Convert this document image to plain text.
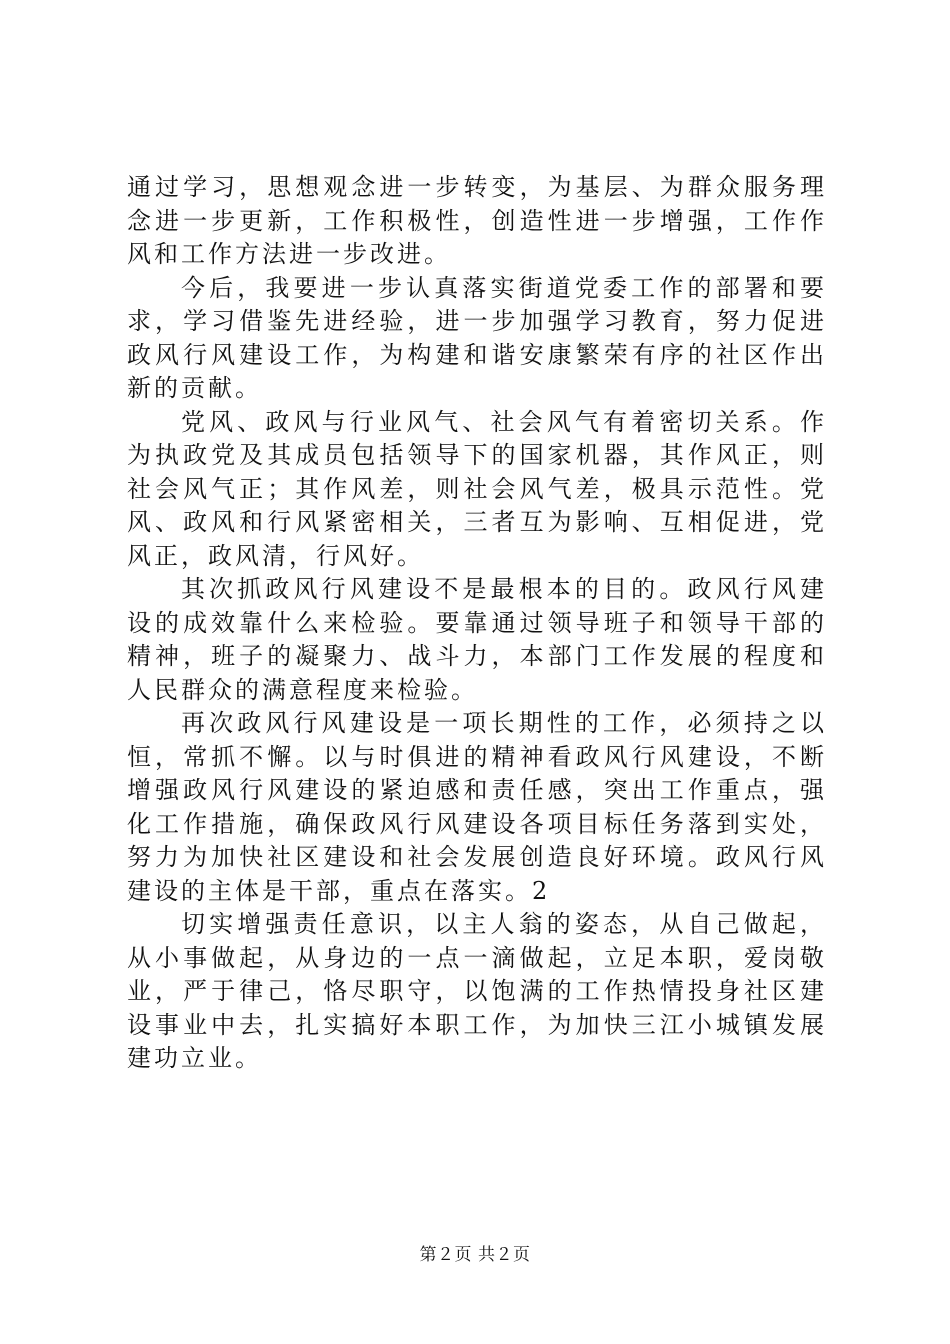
通过学习，思想观念进一步转变，为基层、为群众服务理念进一步更新，工作积极性，创造性进一步增强，工作作风和工作方法进一步改进。

今后，我要进一步认真落实街道党委工作的部署和要求，学习借鉴先进经验，进一步加强学习教育，努力促进政风行风建设工作，为构建和谐安康繁荣有序的社区作出新的贡献。

党风、政风与行业风气、社会风气有着密切关系。作为执政党及其成员包括领导下的国家机器，其作风正，则社会风气正；其作风差，则社会风气差，极具示范性。党风、政风和行风紧密相关，三者互为影响、互相促进，党风正，政风清，行风好。

其次抓政风行风建设不是最根本的目的。政风行风建设的成效靠什么来检验。要靠通过领导班子和领导干部的精神，班子的凝聚力、战斗力，本部门工作发展的程度和人民群众的满意程度来检验。

再次政风行风建设是一项长期性的工作，必须持之以恒，常抓不懈。以与时俱进的精神看政风行风建设，不断增强政风行风建设的紧迫感和责任感，突出工作重点，强化工作措施，确保政风行风建设各项目标任务落到实处，努力为加快社区建设和社会发展创造良好环境。政风行风建设的主体是干部，重点在落实。2

切实增强责任意识，以主人翁的姿态，从自己做起，从小事做起，从身边的一点一滴做起，立足本职，爱岗敬业，严于律己，恪尽职守，以饱满的工作热情投身社区建设事业中去，扎实搞好本职工作，为加快三江小城镇发展建功立业。

第２页 共２页
